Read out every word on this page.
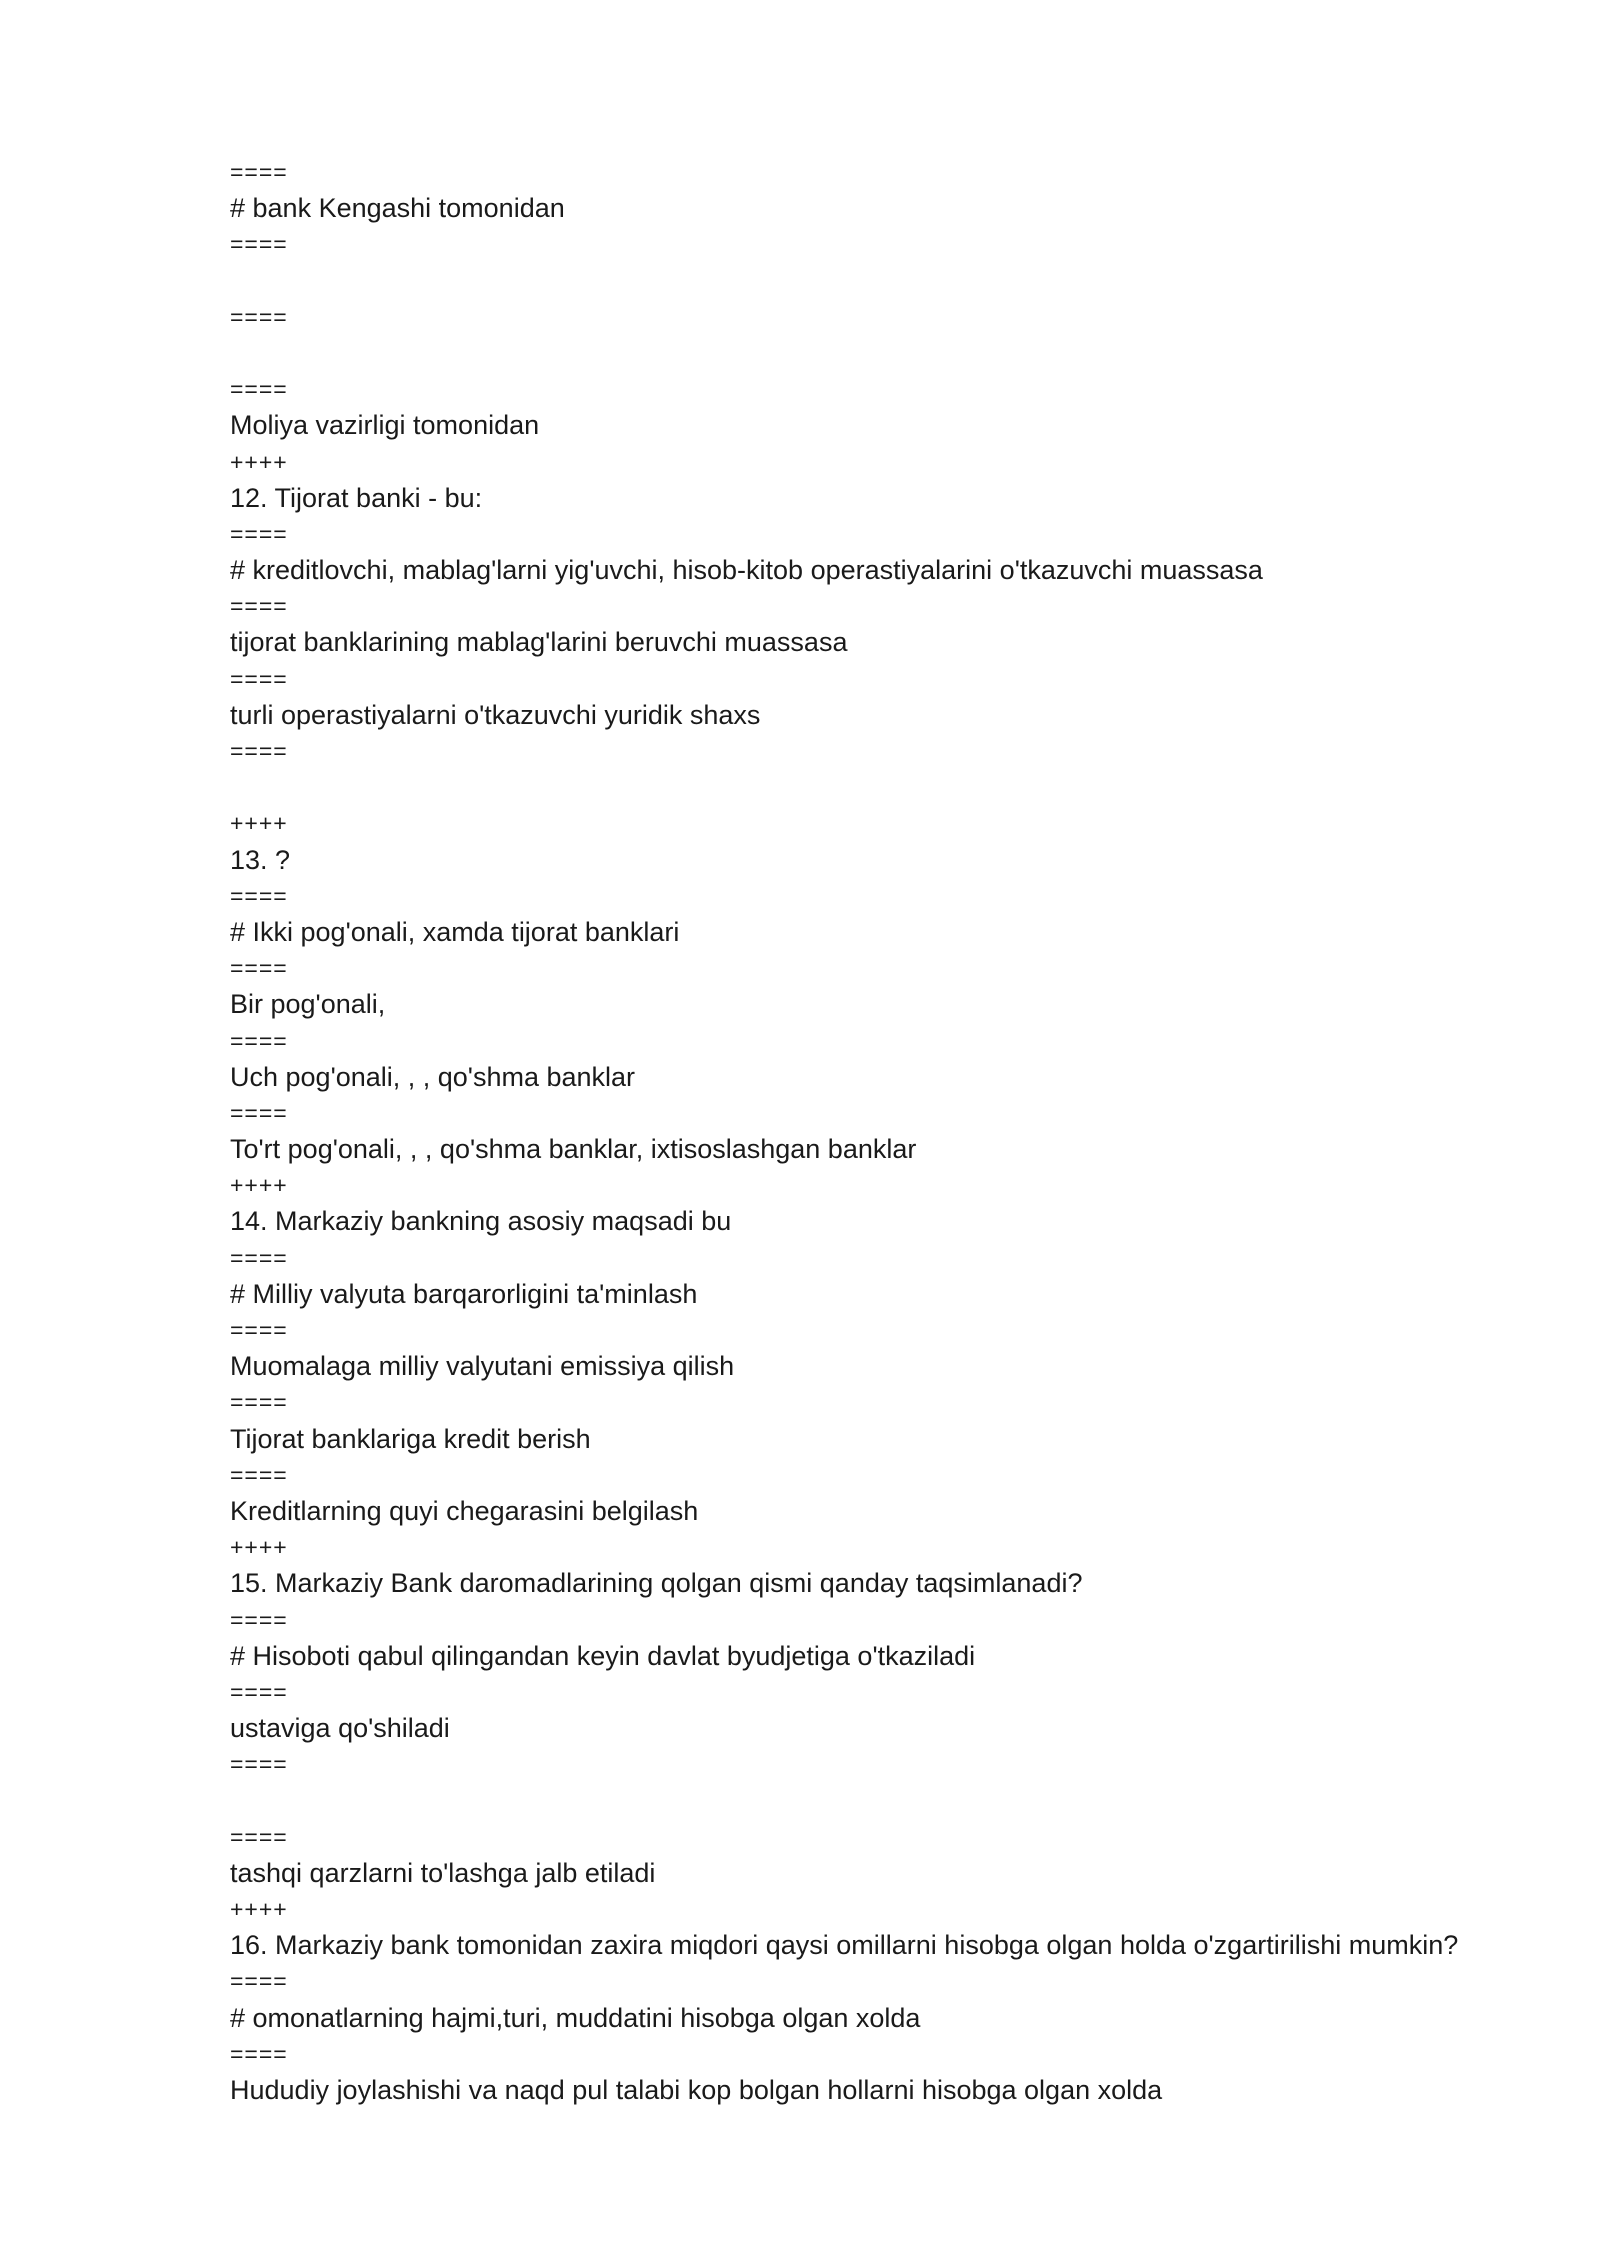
====
# bank Kengashi tomonidan
====
====
====
Moliya vazirligi tomonidan
++++
12. Tijorat banki - bu:
====
# kreditlovchi, mablag'larni yig'uvchi, hisob-kitob operastiyalarini o'tkazuvchi muassasa
====
tijorat banklarining mablag'larini beruvchi muassasa
====
turli operastiyalarni o'tkazuvchi yuridik shaxs
====
++++
13. ?
====
# Ikki pog'onali, xamda tijorat banklari
====
Bir pog'onali,
====
Uch pog'onali, , , qo'shma banklar
====
To'rt pog'onali, , , qo'shma banklar, ixtisoslashgan banklar
++++
14. Markaziy bankning asosiy maqsadi bu
====
# Milliy valyuta barqarorligini ta'minlash
====
Muomalaga milliy valyutani emissiya qilish
====
Tijorat banklariga kredit berish
====
Kreditlarning quyi chegarasini belgilash
++++
15. Markaziy Bank daromadlarining qolgan qismi qanday taqsimlanadi?
====
# Hisoboti qabul qilingandan keyin davlat byudjetiga o'tkaziladi
====
ustaviga qo'shiladi
====
====
tashqi qarzlarni to'lashga jalb etiladi
++++
16. Markaziy bank tomonidan zaxira miqdori qaysi omillarni hisobga olgan holda o'zgartirilishi mumkin?
====
# omonatlarning hajmi,turi, muddatini hisobga olgan xolda
====
Hududiy joylashishi va naqd pul talabi kop bolgan hollarni hisobga olgan xolda
